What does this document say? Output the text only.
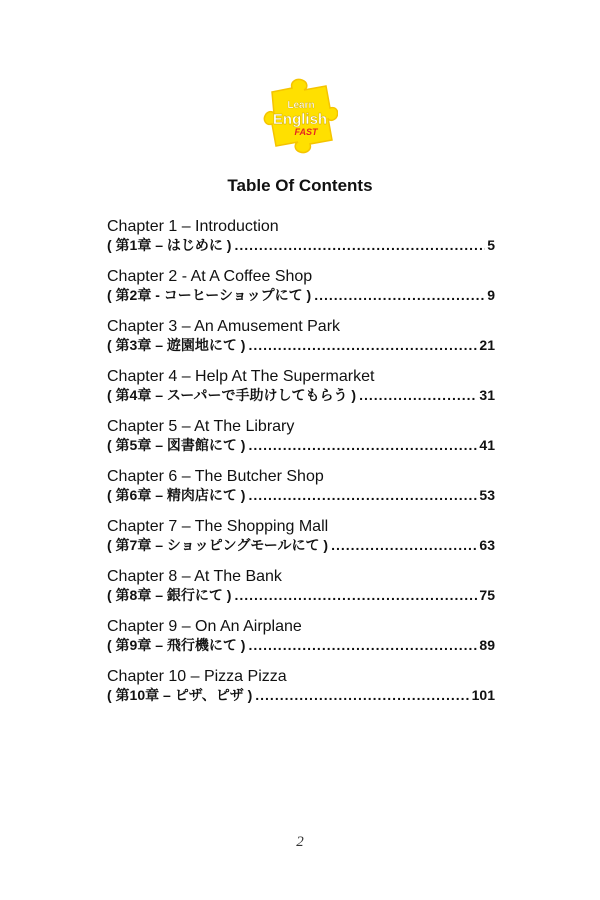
Learn
English
FAST
Table Of Contents
Chapter 1 – Introduction
( 第1章 – はじめに ) .....	5
Chapter 2 - At A Coffee Shop
( 第2章 - コーヒーショップにて ) .....	9
Chapter 3 – An Amusement Park
( 第3章 – 遊園地にて ) .....	21
Chapter 4 – Help At The Supermarket
( 第4章 – スーパーで手助けしてもらう ) .....	31
Chapter 5 – At The Library
( 第5章 – 図書館にて ) .....	41
Chapter 6 – The Butcher Shop
( 第6章 – 精肉店にて ) .....	53
Chapter 7 – The Shopping Mall
( 第7章 – ショッピングモールにて ) .....	63
Chapter 8 – At The Bank
( 第8章 – 銀行にて ) .....	75
Chapter 9 – On An Airplane
( 第9章 – 飛行機にて ) .....	89
Chapter 10 – Pizza Pizza
( 第10章 – ピザ、ピザ ) .....	101

2
